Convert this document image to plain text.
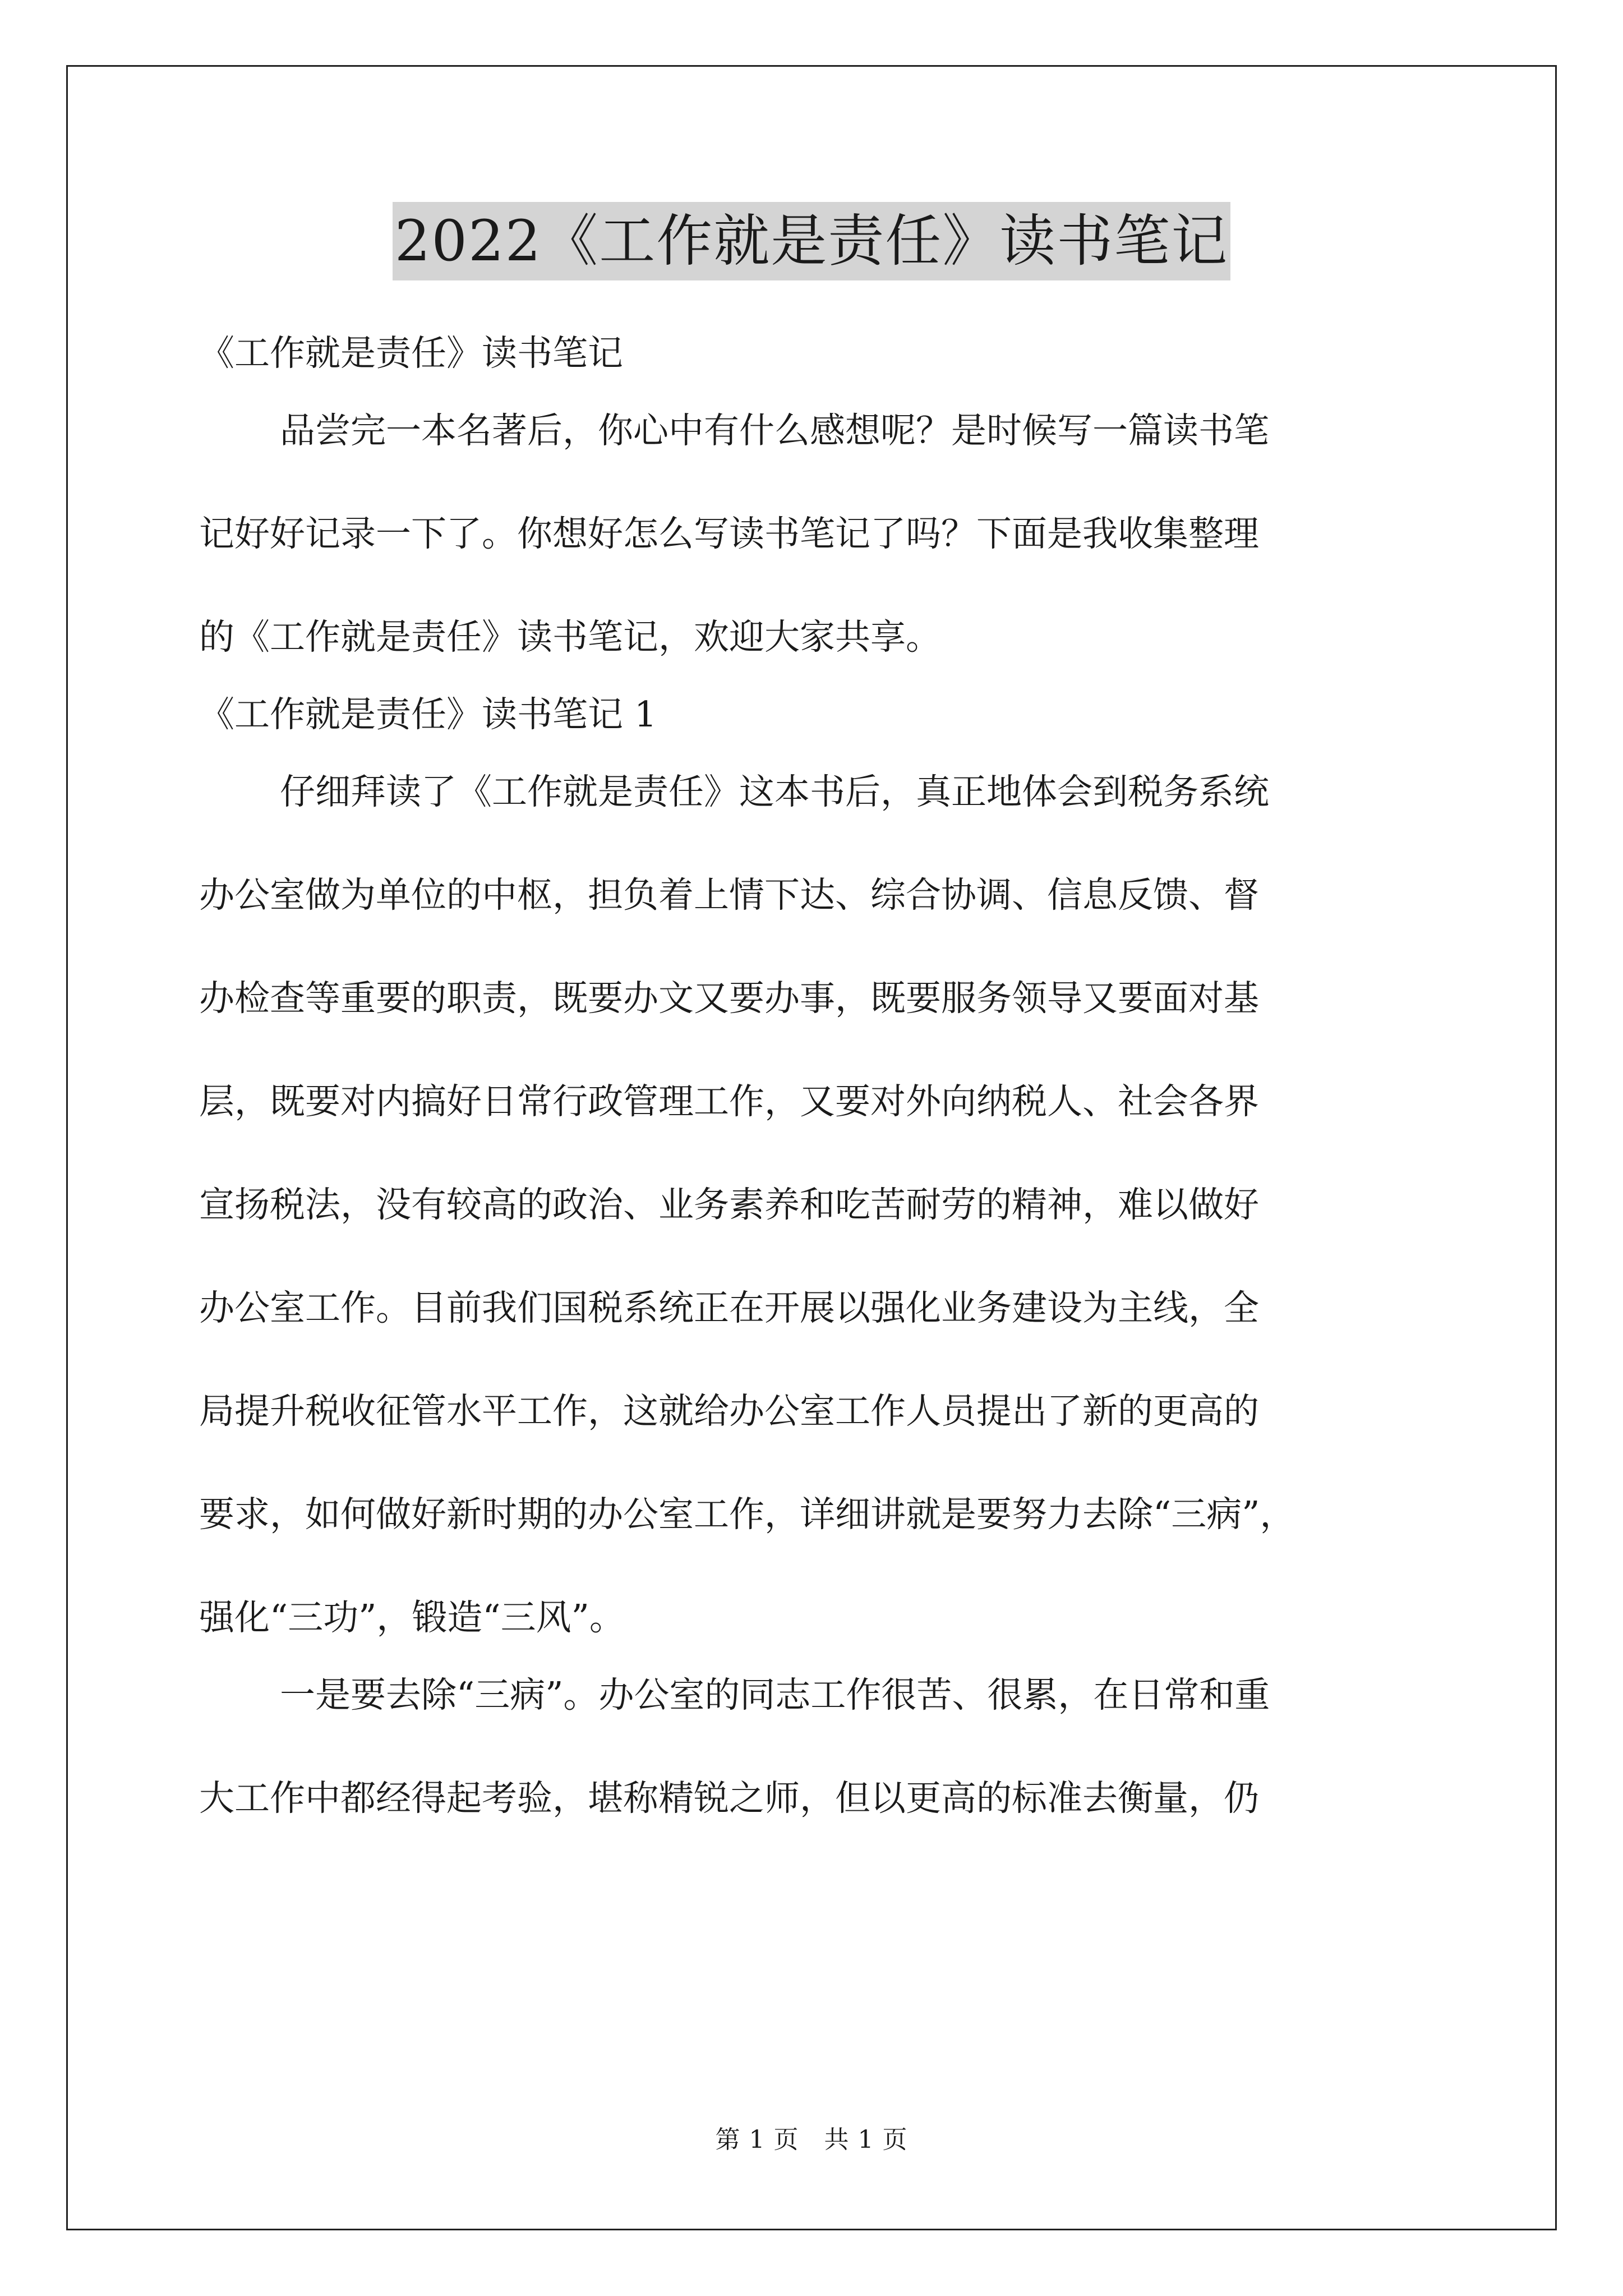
2022《工作就是责任》读书笔记
《工作就是责任》读书笔记
品尝完一本名著后，你心中有什么感想呢？是时候写一篇读书笔
记好好记录一下了。你想好怎么写读书笔记了吗？下面是我收集整理
的《工作就是责任》读书笔记，欢迎大家共享。
《工作就是责任》读书笔记 1
仔细拜读了《工作就是责任》这本书后，真正地体会到税务系统
办公室做为单位的中枢，担负着上情下达、综合协调、信息反馈、督
办检查等重要的职责，既要办文又要办事，既要服务领导又要面对基
层，既要对内搞好日常行政管理工作，又要对外向纳税人、社会各界
宣扬税法，没有较高的政治、业务素养和吃苦耐劳的精神，难以做好
办公室工作。目前我们国税系统正在开展以强化业务建设为主线，全
局提升税收征管水平工作，这就给办公室工作人员提出了新的更高的
要求，如何做好新时期的办公室工作，详细讲就是要努力去除“三病”，
强化“三功”，锻造“三风”。
一是要去除“三病”。办公室的同志工作很苦、很累，在日常和重
大工作中都经得起考验，堪称精锐之师，但以更高的标准去衡量，仍
第 1 页　共 1 页
